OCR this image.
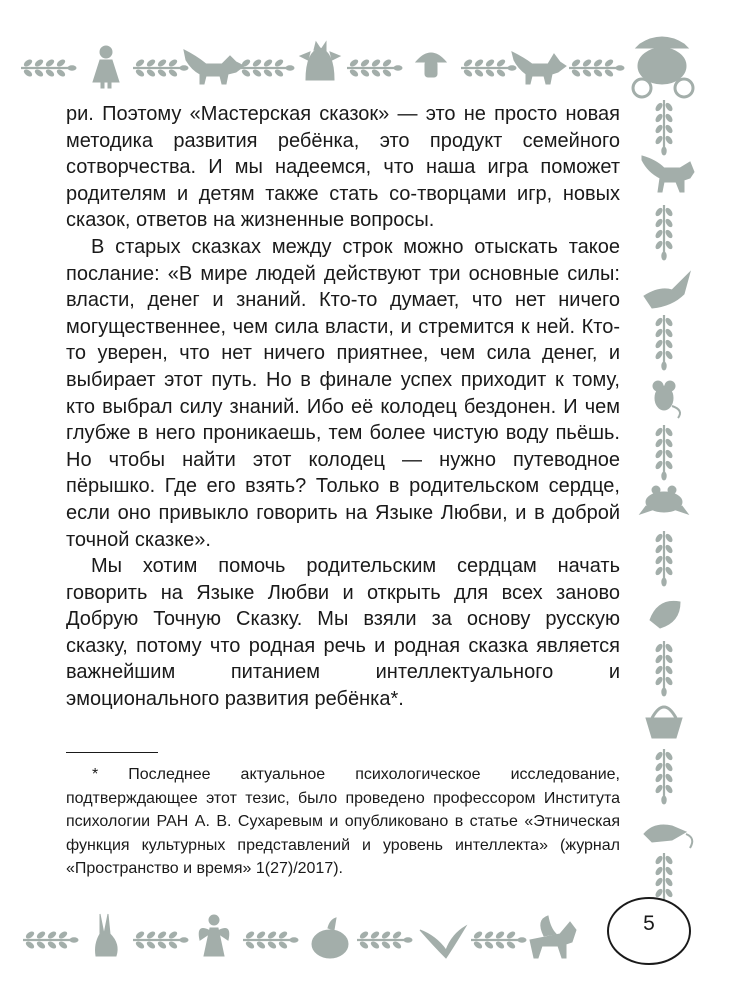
ри. Поэтому «Мастерская сказок» — это не просто новая методика развития ребёнка, это продукт семейного сотворчества. И мы надеемся, что наша игра поможет родителям и детям также стать со-творцами игр, новых сказок, ответов на жизненные вопросы.

В старых сказках между строк можно отыскать такое послание: «В мире людей действуют три основные силы: власти, денег и знаний. Кто-то думает, что нет ничего могущественнее, чем сила власти, и стремится к ней. Кто-то уверен, что нет ничего приятнее, чем сила денег, и выбирает этот путь. Но в финале успех приходит к тому, кто выбрал силу знаний. Ибо её колодец бездонен. И чем глубже в него проникаешь, тем более чистую воду пьёшь. Но чтобы найти этот колодец — нужно путеводное пёрышко. Где его взять? Только в родительском сердце, если оно привыкло говорить на Языке Любви, и в доброй точной сказке».

Мы хотим помочь родительским сердцам начать говорить на Языке Любви и открыть для всех заново Добрую Точную Сказку. Мы взяли за основу русскую сказку, потому что родная речь и родная сказка является важнейшим питанием интеллектуального и эмоционального развития ребёнка*.

* Последнее актуальное психологическое исследование, подтверждающее этот тезис, было проведено профессором Института психологии РАН А. В. Сухаревым и опубликовано в статье «Этническая функция культурных представлений и уровень интеллекта» (журнал «Пространство и время» 1(27)/2017).

5
